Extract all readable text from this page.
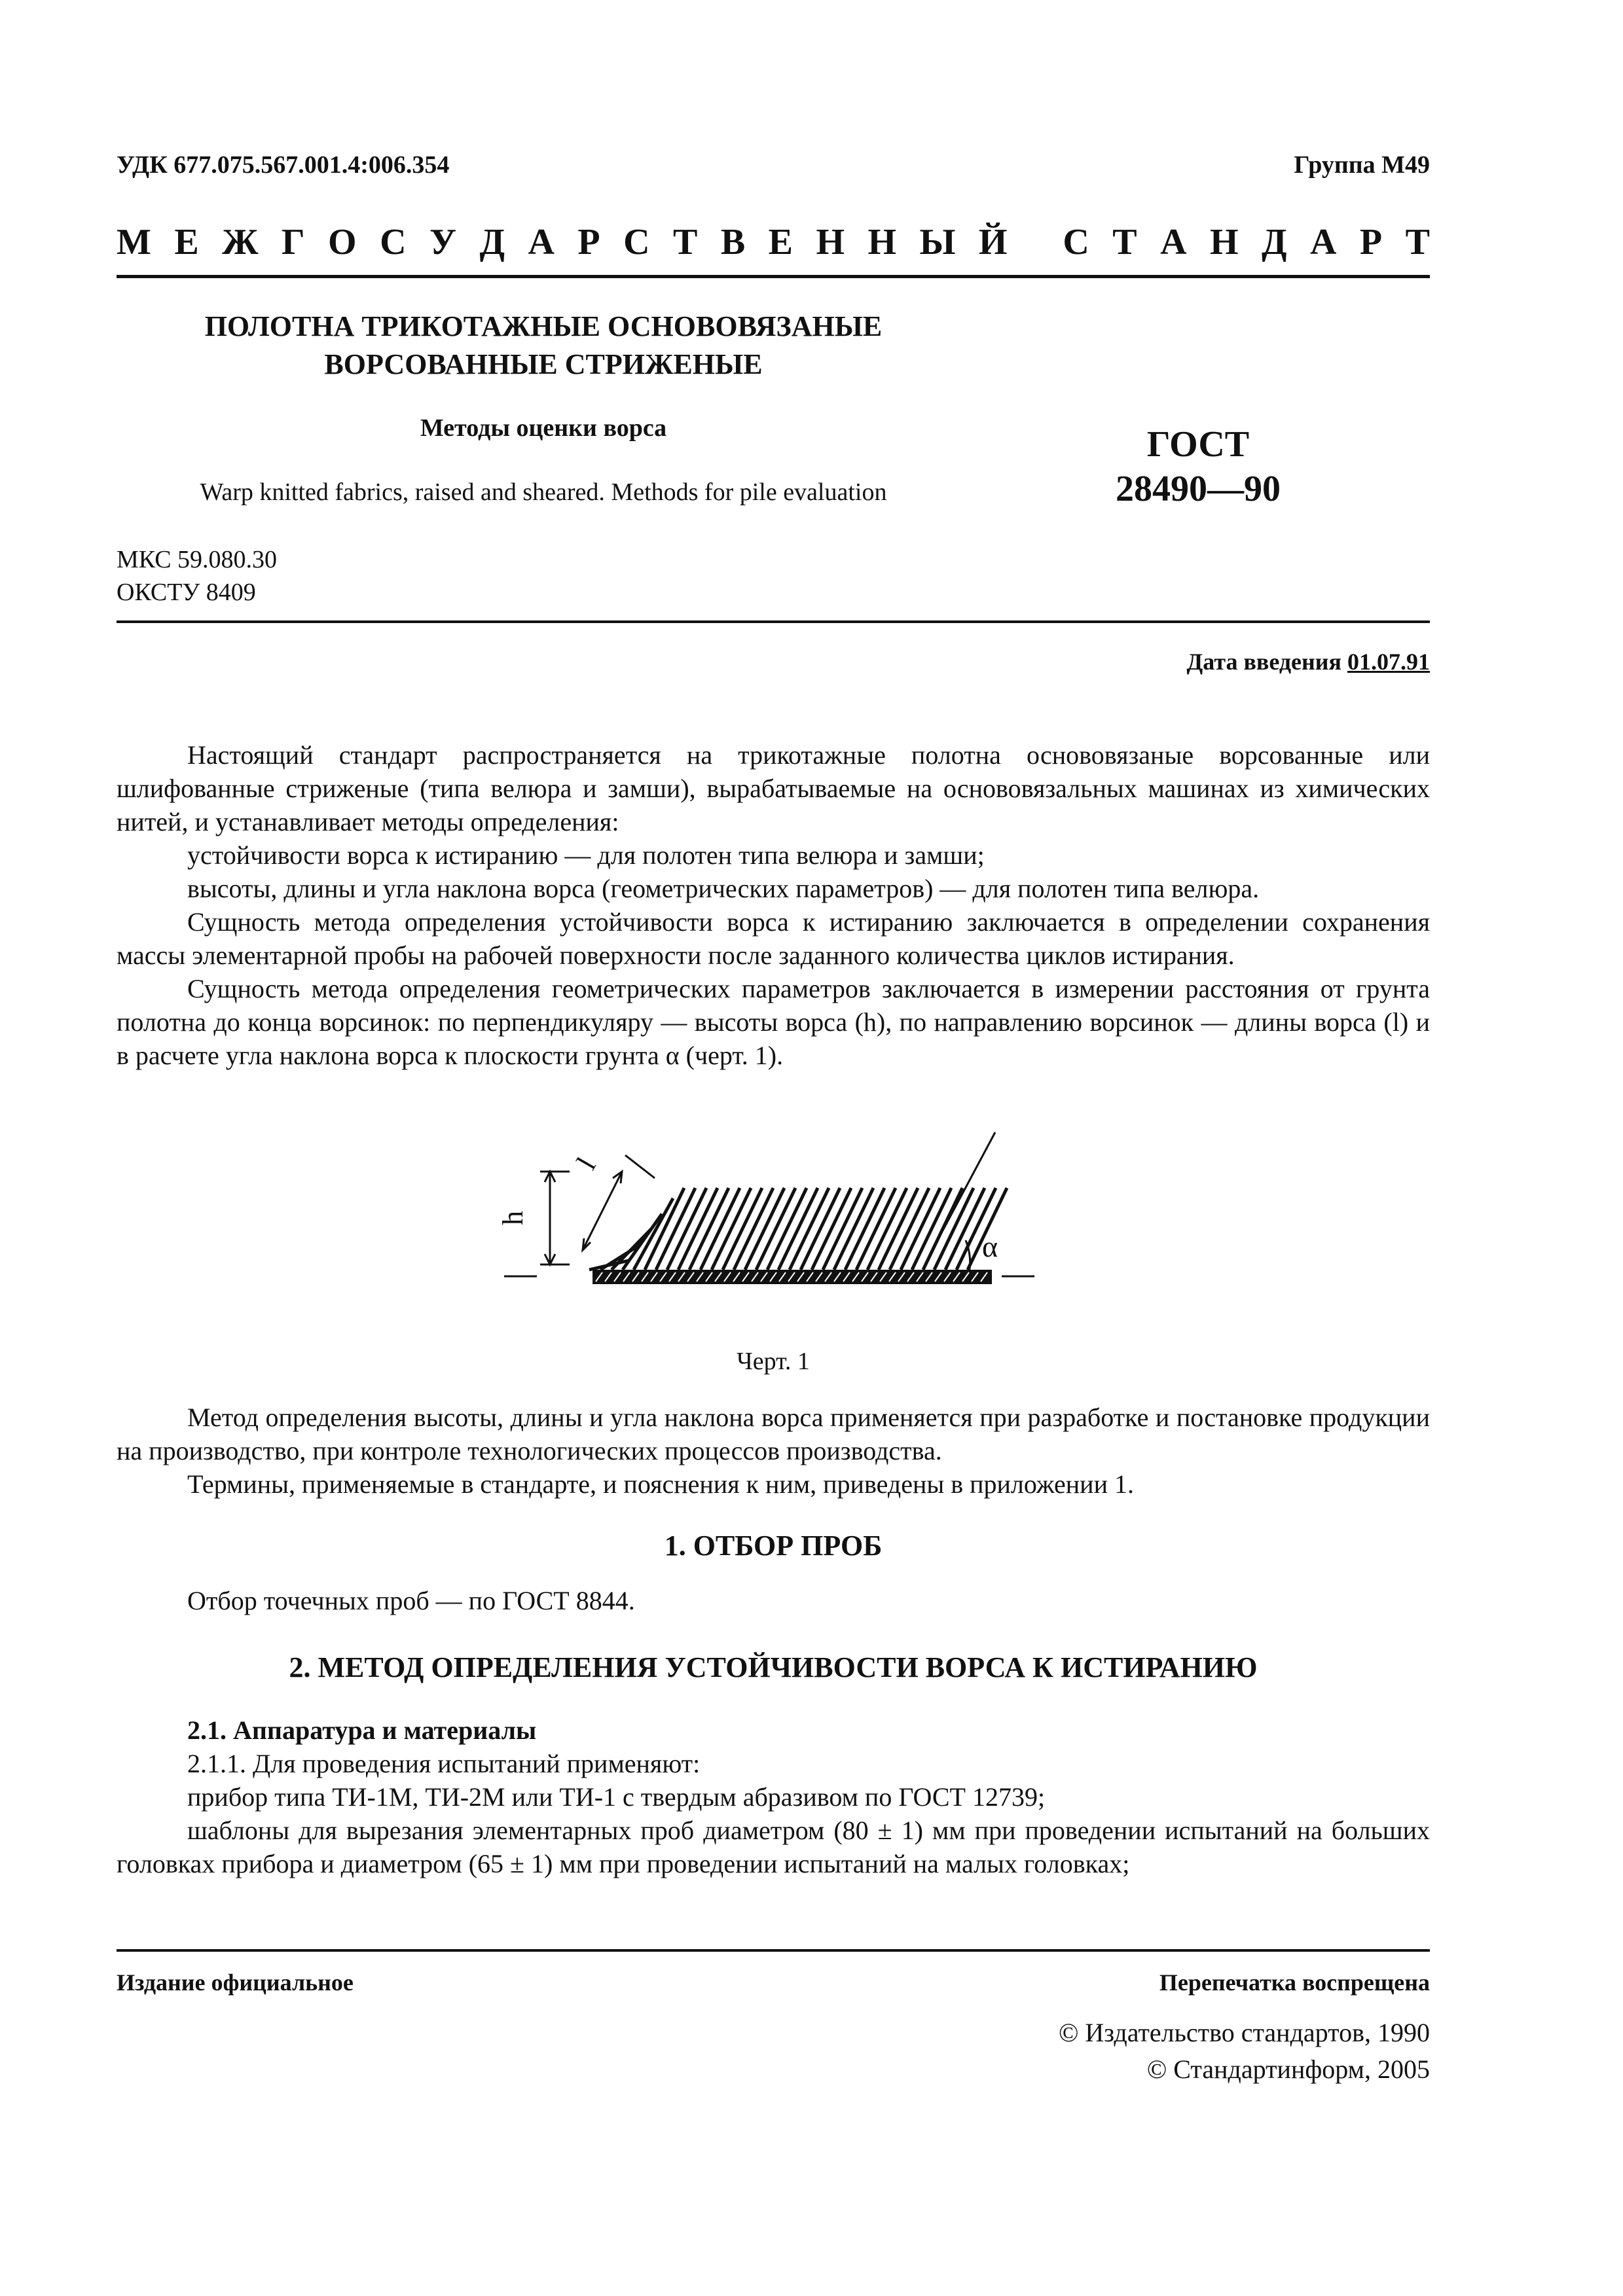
УДК 677.075.567.001.4:006.354	Группа М49
М Е Ж Г О С У Д А Р С Т В Е Н Н Ы Й
С Т А Н Д А Р Т
ПОЛОТНА ТРИКОТАЖНЫЕ ОСНОВОВЯЗАНЫЕ
ВОРСОВАННЫЕ СТРИЖЕНЫЕ
Методы оценки ворса
Warp knitted fabrics, raised and sheared. Methods for pile evaluation
ГОСТ
28490—90
МКС 59.080.30
ОКСТУ 8409
Дата введения 01.07.91

Настоящий стандарт распространяется на трикотажные полотна основовязаные ворсованные или шлифованные стриженые (типа велюра и замши), вырабатываемые на основовязальных машинах из химических нитей, и устанавливает методы определения:

устойчивости ворса к истиранию — для полотен типа велюра и замши;

высоты, длины и угла наклона ворса (геометрических параметров) — для полотен типа велюра.

Сущность метода определения устойчивости ворса к истиранию заключается в определении сохранения массы элементарной пробы на рабочей поверхности после заданного количества циклов истирания.

Сущность метода определения геометрических параметров заключается в измерении расстояния от грунта полотна до конца ворсинок: по перпендикуляру — высоты ворса (h), по направлению ворсинок — длины ворса (l) и в расчете угла наклона ворса к плоскости грунта α (черт. 1).

h
l
α
Черт. 1

Метод определения высоты, длины и угла наклона ворса применяется при разработке и постановке продукции на производство, при контроле технологических процессов производства.

Термины, применяемые в стандарте, и пояснения к ним, приведены в приложении 1.

1. ОТБОР ПРОБ

Отбор точечных проб — по ГОСТ 8844.

2. МЕТОД ОПРЕДЕЛЕНИЯ УСТОЙЧИВОСТИ ВОРСА К ИСТИРАНИЮ

2.1. Аппаратура и материалы

2.1.1. Для проведения испытаний применяют:

прибор типа ТИ-1М, ТИ-2М или ТИ-1 с твердым абразивом по ГОСТ 12739;

шаблоны для вырезания элементарных проб диаметром (80 ± 1) мм при проведении испытаний на больших головках прибора и диаметром (65 ± 1) мм при проведении испытаний на малых головках;

Издание официальное	Перепечатка воспрещена
© Издательство стандартов, 1990
© Стандартинформ, 2005
